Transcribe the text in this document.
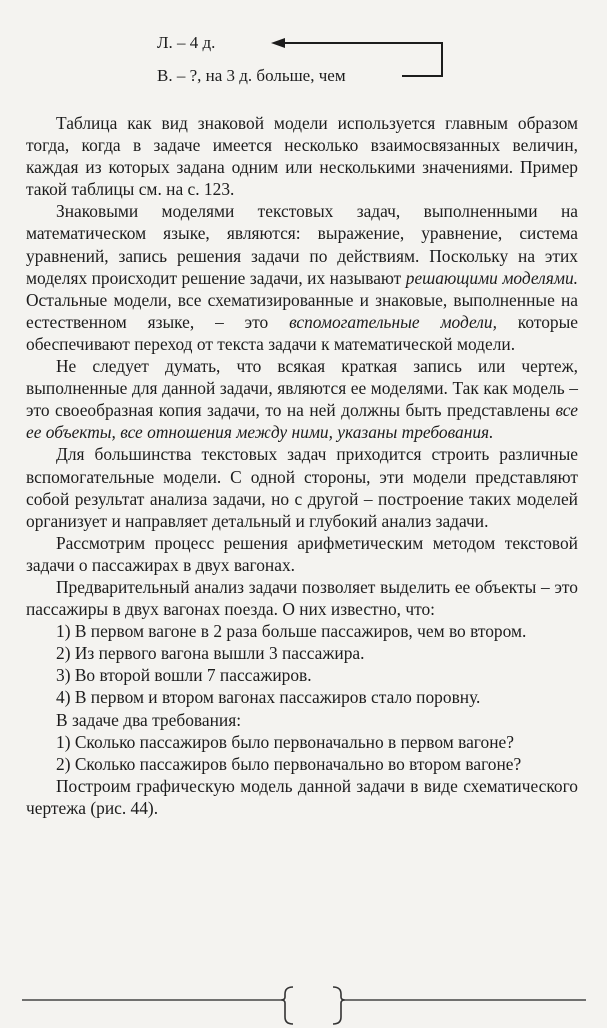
Л. – 4 д.
В. – ?, на 3 д. больше, чем

Таблица как вид знаковой модели используется главным образом тогда, когда в задаче имеется несколько взаимосвязанных величин, каждая из которых задана одним или несколькими значениями. Пример такой таблицы см. на с. 123.

Знаковыми моделями текстовых задач, выполненными на математическом языке, являются: выражение, уравнение, система уравнений, запись решения задачи по действиям. Поскольку на этих моделях происходит решение задачи, их называют решающими моделями. Остальные модели, все схематизированные и знаковые, выполненные на естественном языке, – это вспомогательные модели, которые обеспечивают переход от текста задачи к математической модели.

Не следует думать, что всякая краткая запись или чертеж, выполненные для данной задачи, являются ее моделями. Так как модель – это своеобразная копия задачи, то на ней должны быть представлены все ее объекты, все отношения между ними, указаны требования.

Для большинства текстовых задач приходится строить различные вспомогательные модели. С одной стороны, эти модели представляют собой результат анализа задачи, но с другой – построение таких моделей организует и направляет детальный и глубокий анализ задачи.

Рассмотрим процесс решения арифметическим методом текстовой задачи о пассажирах в двух вагонах.

Предварительный анализ задачи позволяет выделить ее объекты – это пассажиры в двух вагонах поезда. О них известно, что:

1) В первом вагоне в 2 раза больше пассажиров, чем во втором.

2) Из первого вагона вышли 3 пассажира.

3) Во второй вошли 7 пассажиров.

4) В первом и втором вагонах пассажиров стало поровну.

В задаче два требования:

1) Сколько пассажиров было первоначально в первом вагоне?

2) Сколько пассажиров было первоначально во втором вагоне?

Построим графическую модель данной задачи в виде схематического чертежа (рис. 44).
